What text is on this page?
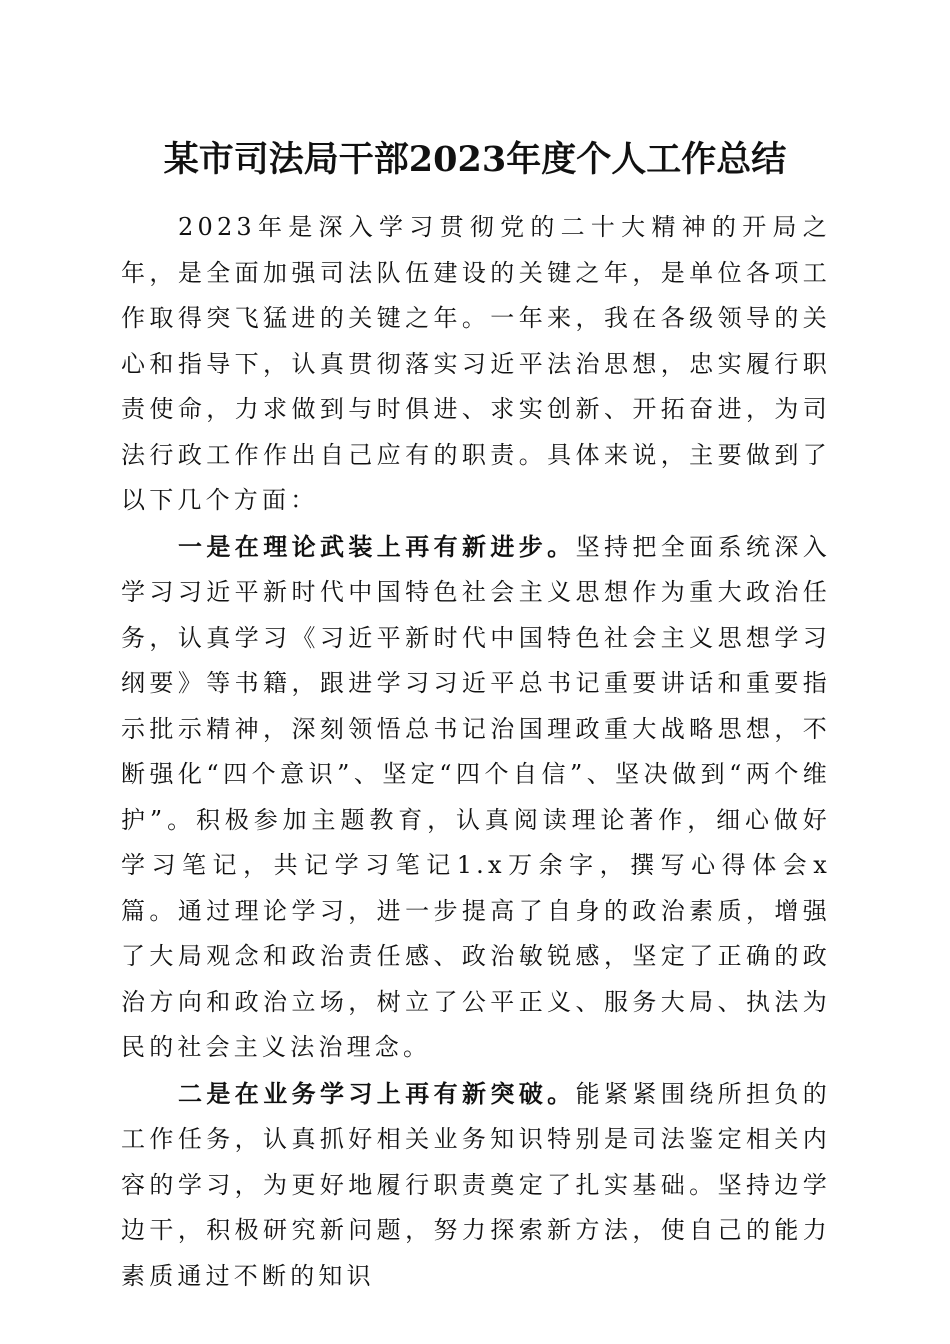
某市司法局干部2023年度个人工作总结

2023年是深入学习贯彻党的二十大精神的开局之年，是全面加强司法队伍建设的关键之年，是单位各项工作取得突飞猛进的关键之年。一年来，我在各级领导的关心和指导下，认真贯彻落实习近平法治思想，忠实履行职责使命，力求做到与时俱进、求实创新、开拓奋进，为司法行政工作作出自己应有的职责。具体来说，主要做到了以下几个方面：

一是在理论武装上再有新进步。坚持把全面系统深入学习习近平新时代中国特色社会主义思想作为重大政治任务，认真学习《习近平新时代中国特色社会主义思想学习纲要》等书籍，跟进学习习近平总书记重要讲话和重要指示批示精神，深刻领悟总书记治国理政重大战略思想，不断强化“四个意识”、坚定“四个自信”、坚决做到“两个维护”。积极参加主题教育，认真阅读理论著作，细心做好学习笔记，共记学习笔记1.x万余字，撰写心得体会x篇。通过理论学习，进一步提高了自身的政治素质，增强了大局观念和政治责任感、政治敏锐感，坚定了正确的政治方向和政治立场，树立了公平正义、服务大局、执法为民的社会主义法治理念。

二是在业务学习上再有新突破。能紧紧围绕所担负的工作任务，认真抓好相关业务知识特别是司法鉴定相关内容的学习，为更好地履行职责奠定了扎实基础。坚持边学边干，积极研究新问题，努力探索新方法，使自己的能力素质通过不断的知识
